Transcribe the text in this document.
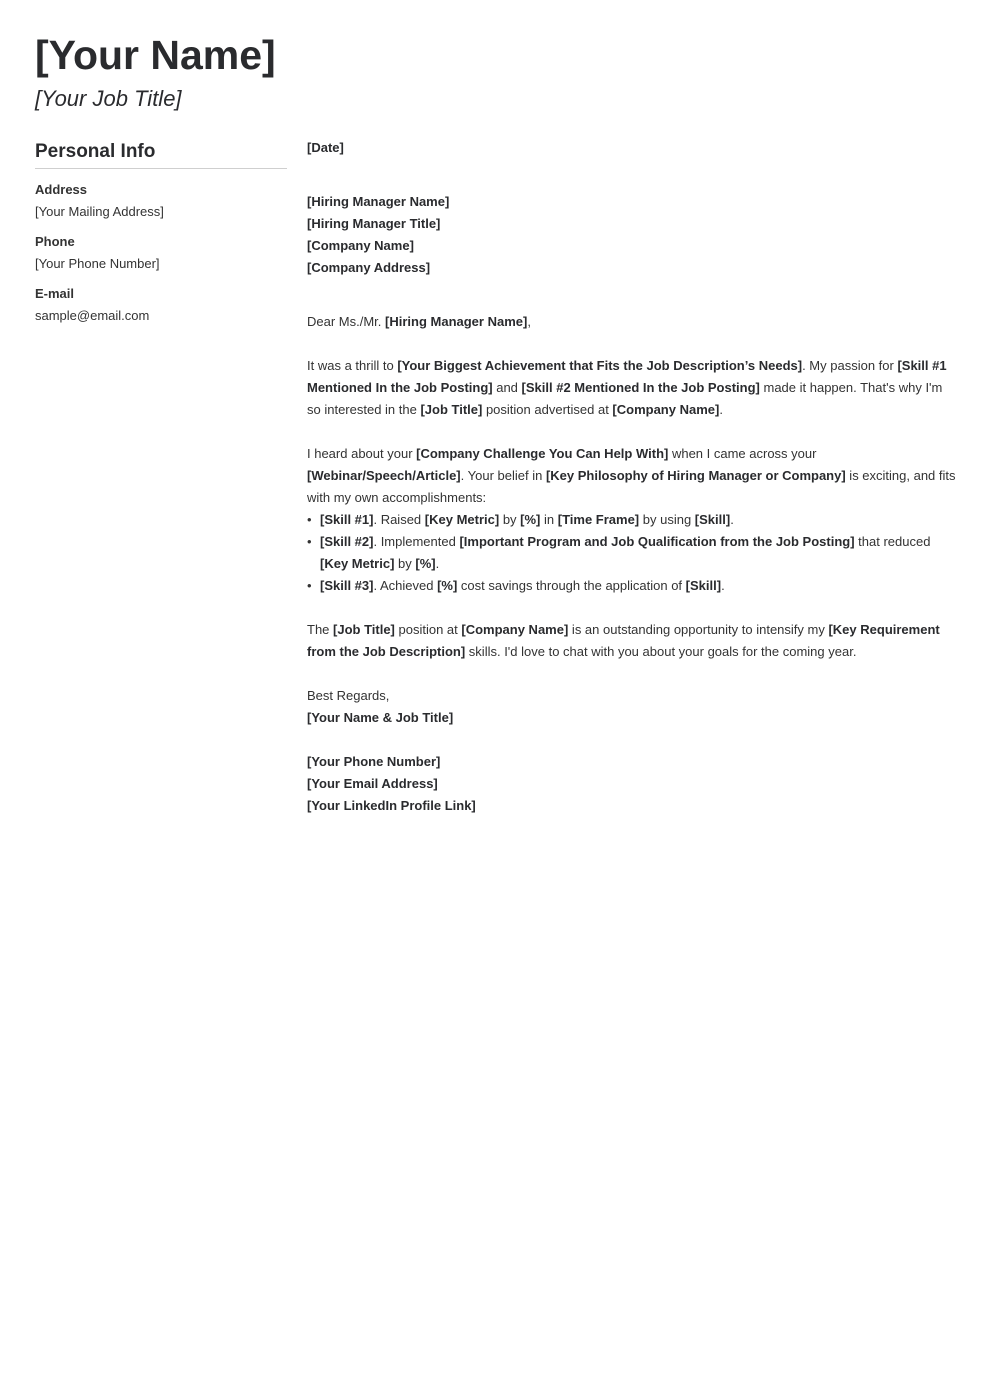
[Your Name]
[Your Job Title]
Personal Info
Address
[Your Mailing Address]
Phone
[Your Phone Number]
E-mail
sample@email.com
[Date]
[Hiring Manager Name]
[Hiring Manager Title]
[Company Name]
[Company Address]

Dear Ms./Mr. [Hiring Manager Name],

It was a thrill to [Your Biggest Achievement that Fits the Job Description’s Needs]. My passion for [Skill #1 Mentioned In the Job Posting] and [Skill #2 Mentioned In the Job Posting] made it happen. That's why I'm so interested in the [Job Title] position advertised at [Company Name].

I heard about your [Company Challenge You Can Help With] when I came across your [Webinar/Speech/Article]. Your belief in [Key Philosophy of Hiring Manager or Company] is exciting, and fits with my own accomplishments:

• [Skill #1]. Raised [Key Metric] by [%] in [Time Frame] by using [Skill].
• [Skill #2]. Implemented [Important Program and Job Qualification from the Job Posting] that reduced [Key Metric] by [%].
• [Skill #3]. Achieved [%] cost savings through the application of [Skill].

The [Job Title] position at [Company Name] is an outstanding opportunity to intensify my [Key Requirement from the Job Description] skills. I'd love to chat with you about your goals for the coming year.

Best Regards,

[Your Name & Job Title]
[Your Phone Number]
[Your Email Address]
[Your LinkedIn Profile Link]
